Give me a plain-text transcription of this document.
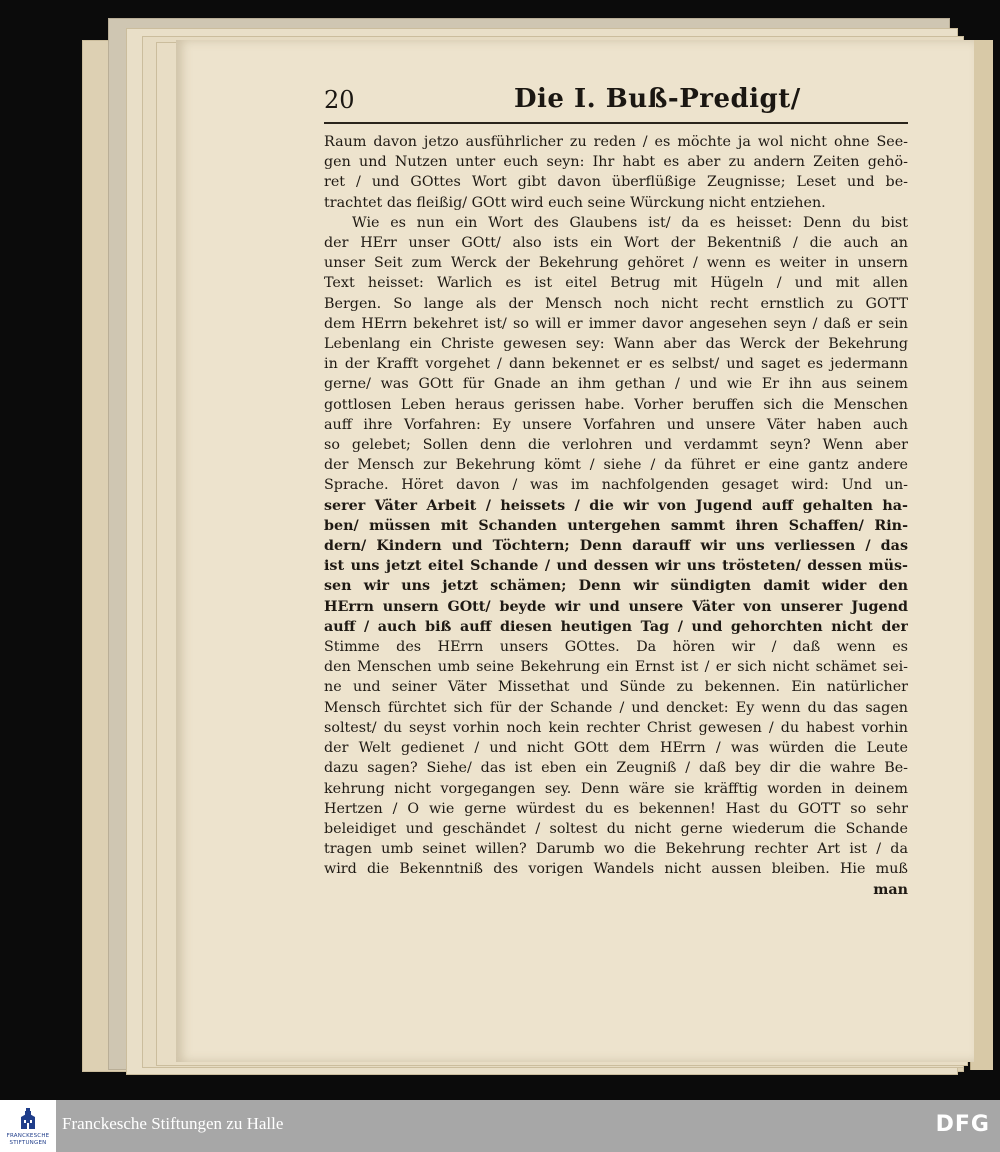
20	Die I. Buß-Predigt/
Raum davon jetzo ausführlicher zu reden / es möchte ja wol nicht ohne See-
gen und Nutzen unter euch seyn: Ihr habt es aber zu andern Zeiten gehö-
ret / und GOttes Wort gibt davon überflüßige Zeugnisse; Leset und be-
trachtet das fleißig/ GOtt wird euch seine Würckung nicht entziehen.
Wie es nun ein Wort des Glaubens ist/ da es heisset: Denn du bist
der HErr unser GOtt/ also ists ein Wort der Bekentniß / die auch an
unser Seit zum Werck der Bekehrung gehöret / wenn es weiter in unsern
Text heisset: Warlich es ist eitel Betrug mit Hügeln / und mit allen
Bergen. So lange als der Mensch noch nicht recht ernstlich zu GOTT
dem HErrn bekehret ist/ so will er immer davor angesehen seyn / daß er sein
Lebenlang ein Christe gewesen sey: Wann aber das Werck der Bekehrung
in der Krafft vorgehet / dann bekennet er es selbst/ und saget es jedermann
gerne/ was GOtt für Gnade an ihm gethan / und wie Er ihn aus seinem
gottlosen Leben heraus gerissen habe. Vorher beruffen sich die Menschen
auff ihre Vorfahren: Ey unsere Vorfahren und unsere Väter haben auch
so gelebet; Sollen denn die verlohren und verdammt seyn? Wenn aber
der Mensch zur Bekehrung kömt / siehe / da führet er eine gantz andere
Sprache. Höret davon / was im nachfolgenden gesaget wird: Und un-
serer Väter Arbeit / heissets / die wir von Jugend auff gehalten ha-
ben/ müssen mit Schanden untergehen sammt ihren Schaffen/ Rin-
dern/ Kindern und Töchtern; Denn darauff wir uns verliessen / das
ist uns jetzt eitel Schande / und dessen wir uns trösteten/ dessen müs-
sen wir uns jetzt schämen; Denn wir sündigten damit wider den
HErrn unsern GOtt/ beyde wir und unsere Väter von unserer Jugend
auff / auch biß auff diesen heutigen Tag / und gehorchten nicht der
Stimme des HErrn unsers GOttes. Da hören wir / daß wenn es
den Menschen umb seine Bekehrung ein Ernst ist / er sich nicht schämet sei-
ne und seiner Väter Missethat und Sünde zu bekennen. Ein natürlicher
Mensch fürchtet sich für der Schande / und dencket: Ey wenn du das sagen
soltest/ du seyst vorhin noch kein rechter Christ gewesen / du habest vorhin
der Welt gedienet / und nicht GOtt dem HErrn / was würden die Leute
dazu sagen? Siehe/ das ist eben ein Zeugniß / daß bey dir die wahre Be-
kehrung nicht vorgegangen sey. Denn wäre sie kräfftig worden in deinem
Hertzen / O wie gerne würdest du es bekennen! Hast du GOTT so sehr
beleidiget und geschändet / soltest du nicht gerne wiederum die Schande
tragen umb seinet willen? Darumb wo die Bekehrung rechter Art ist / da
wird die Bekenntniß des vorigen Wandels nicht aussen bleiben. Hie muß
man
FRANCKESCHE STIFTUNGEN
Franckesche Stiftungen zu Halle	DFG
